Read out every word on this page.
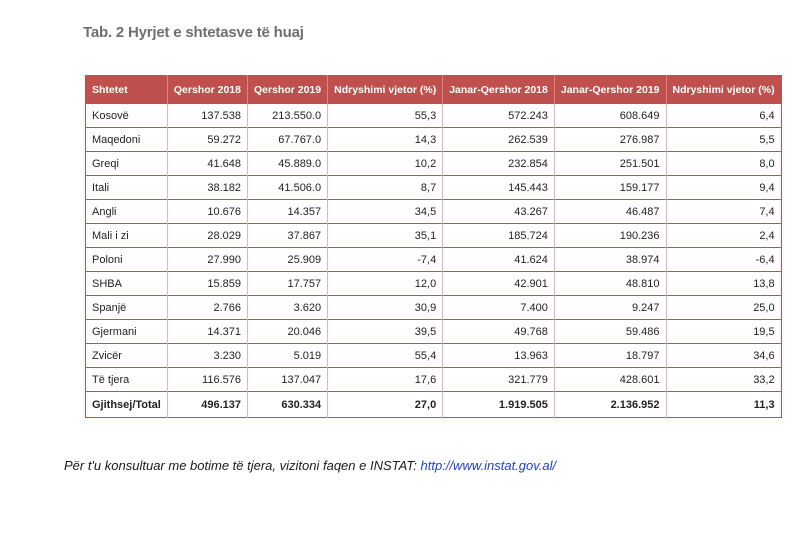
Tab. 2 Hyrjet e shtetasve të huaj
Shtetet	Qershor 2018	Qershor 2019	Ndryshimi vjetor (%)	Janar-Qershor 2018	Janar-Qershor 2019	Ndryshimi vjetor (%)
Kosovë	137.538	213.550.0	55,3	572.243	608.649	6,4
Maqedoni	59.272	67.767.0	14,3	262.539	276.987	5,5
Greqi	41.648	45.889.0	10,2	232.854	251.501	8,0
Itali	38.182	41.506.0	8,7	145.443	159.177	9,4
Angli	10.676	14.357	34,5	43.267	46.487	7,4
Mali i zi	28.029	37.867	35,1	185.724	190.236	2,4
Poloni	27.990	25.909	-7,4	41.624	38.974	-6,4
SHBA	15.859	17.757	12,0	42.901	48.810	13,8
Spanjë	2.766	3.620	30,9	7.400	9.247	25,0
Gjermani	14.371	20.046	39,5	49.768	59.486	19,5
Zvicër	3.230	5.019	55,4	13.963	18.797	34,6
Të tjera	116.576	137.047	17,6	321.779	428.601	33,2
Gjithsej/Total	496.137	630.334	27,0	1.919.505	2.136.952	11,3
Për t'u konsultuar me botime të tjera, vizitoni faqen e INSTAT: http://www.instat.gov.al/
